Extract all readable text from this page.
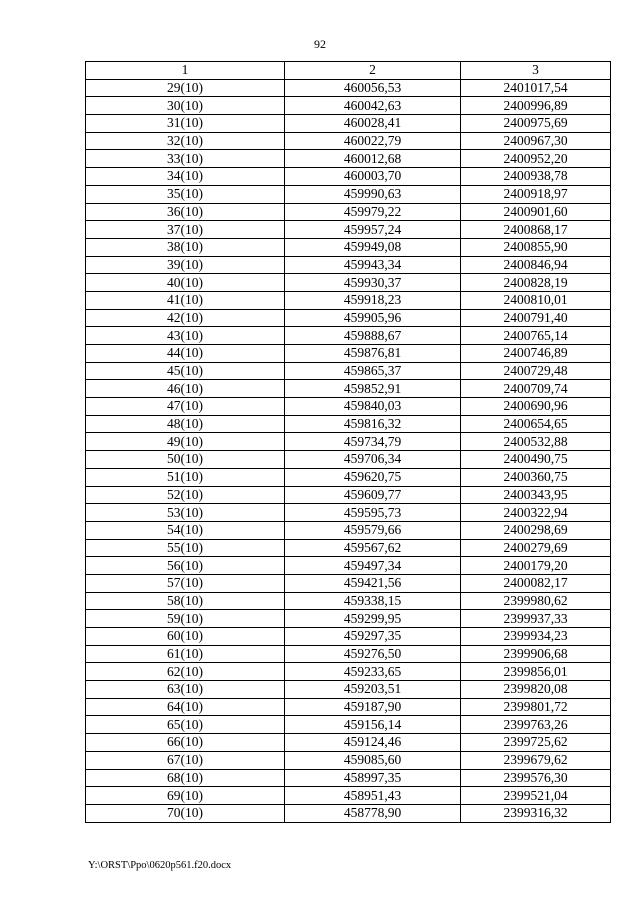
92
1	2	3
29(10)	460056,53	2401017,54
30(10)	460042,63	2400996,89
31(10)	460028,41	2400975,69
32(10)	460022,79	2400967,30
33(10)	460012,68	2400952,20
34(10)	460003,70	2400938,78
35(10)	459990,63	2400918,97
36(10)	459979,22	2400901,60
37(10)	459957,24	2400868,17
38(10)	459949,08	2400855,90
39(10)	459943,34	2400846,94
40(10)	459930,37	2400828,19
41(10)	459918,23	2400810,01
42(10)	459905,96	2400791,40
43(10)	459888,67	2400765,14
44(10)	459876,81	2400746,89
45(10)	459865,37	2400729,48
46(10)	459852,91	2400709,74
47(10)	459840,03	2400690,96
48(10)	459816,32	2400654,65
49(10)	459734,79	2400532,88
50(10)	459706,34	2400490,75
51(10)	459620,75	2400360,75
52(10)	459609,77	2400343,95
53(10)	459595,73	2400322,94
54(10)	459579,66	2400298,69
55(10)	459567,62	2400279,69
56(10)	459497,34	2400179,20
57(10)	459421,56	2400082,17
58(10)	459338,15	2399980,62
59(10)	459299,95	2399937,33
60(10)	459297,35	2399934,23
61(10)	459276,50	2399906,68
62(10)	459233,65	2399856,01
63(10)	459203,51	2399820,08
64(10)	459187,90	2399801,72
65(10)	459156,14	2399763,26
66(10)	459124,46	2399725,62
67(10)	459085,60	2399679,62
68(10)	458997,35	2399576,30
69(10)	458951,43	2399521,04
70(10)	458778,90	2399316,32
Y:\ORST\Ppo\0620p561.f20.docx
